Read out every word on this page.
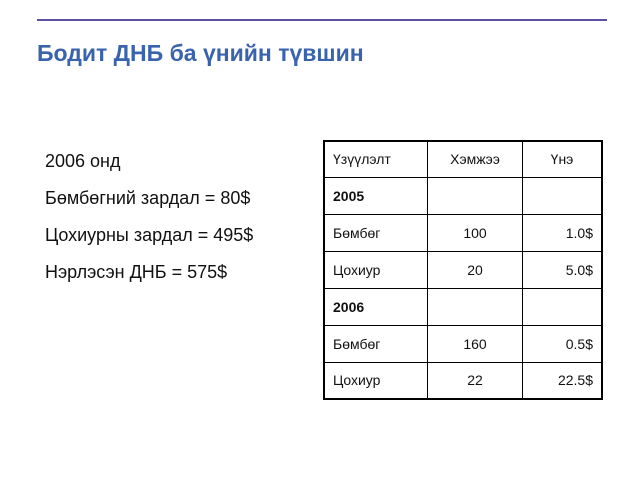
Бодит ДНБ ба үнийн түвшин
2006 онд
Бөмбөгний зардал = 80$
Цохиурны зардал = 495$
Нэрлэсэн ДНБ = 575$
Үзүүлэлт	Хэмжээ	Үнэ
2005		
Бөмбөг	100	1.0$
Цохиур	20	5.0$
2006		
Бөмбөг	160	0.5$
Цохиур	22	22.5$
